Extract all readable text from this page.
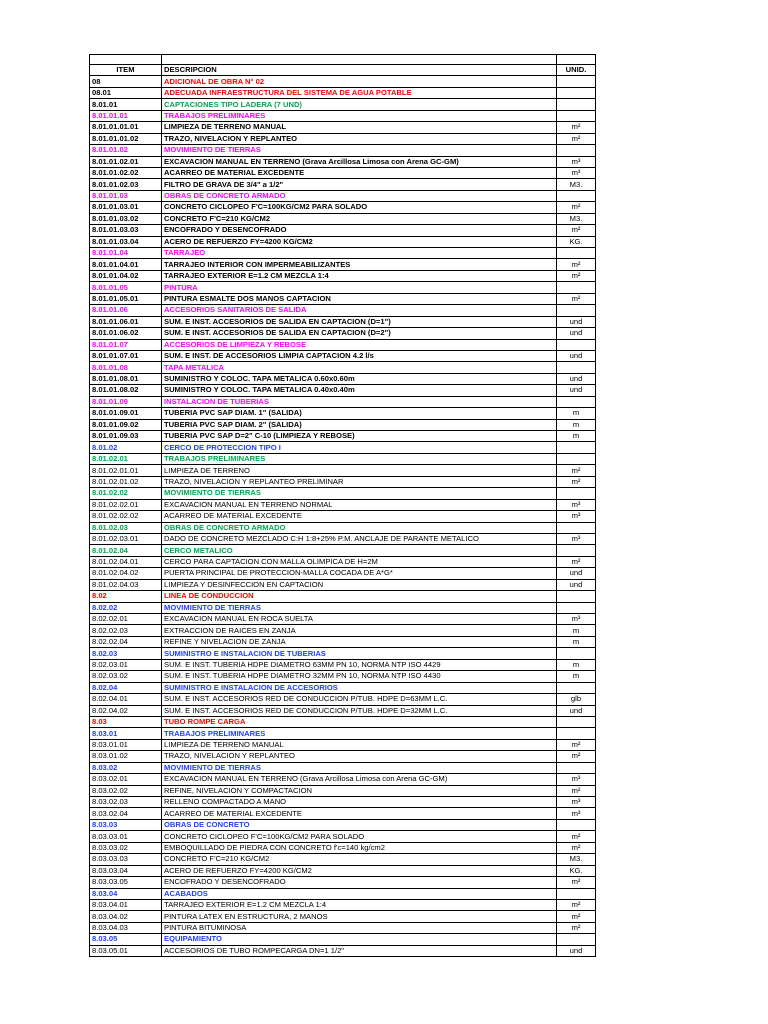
ITEM	DESCRIPCION	UNID.
08	ADICIONAL DE OBRA N° 02	
08.01	ADECUADA INFRAESTRUCTURA DEL SISTEMA DE AGUA POTABLE	
8.01.01	CAPTACIONES TIPO LADERA (7 UND)	
8.01.01.01	TRABAJOS PRELIMINARES	
8.01.01.01.01	LIMPIEZA DE TERRENO MANUAL	m²
8.01.01.01.02	TRAZO, NIVELACION Y REPLANTEO	m²
8.01.01.02	MOVIMIENTO DE TIERRAS	
8.01.01.02.01	EXCAVACION MANUAL EN TERRENO (Grava Arcillosa Limosa con Arena GC-GM)	m³
8.01.01.02.02	ACARREO DE MATERIAL EXCEDENTE	m³
8.01.01.02.03	FILTRO DE GRAVA DE 3/4" a 1/2"	M3.
8.01.01.03	OBRAS DE CONCRETO ARMADO	
8.01.01.03.01	CONCRETO CICLOPEO F'C=100KG/CM2 PARA SOLADO	m²
8.01.01.03.02	CONCRETO F'C=210 KG/CM2	M3.
8.01.01.03.03	ENCOFRADO Y DESENCOFRADO	m²
8.01.01.03.04	ACERO DE REFUERZO FY=4200 KG/CM2	KG.
8.01.01.04	TARRAJEO	
8.01.01.04.01	TARRAJEO INTERIOR CON IMPERMEABILIZANTES	m²
8.01.01.04.02	TARRAJEO EXTERIOR E=1.2 CM MEZCLA 1:4	m²
8.01.01.05	PINTURA	
8.01.01.05.01	PINTURA ESMALTE DOS MANOS CAPTACION	m²
8.01.01.06	ACCESORIOS SANITARIOS DE SALIDA	
8.01.01.06.01	SUM. E INST. ACCESORIOS DE SALIDA EN CAPTACION (D=1")	und
8.01.01.06.02	SUM. E INST. ACCESORIOS DE SALIDA EN CAPTACION (D=2")	und
8.01.01.07	ACCESORIOS DE LIMPIEZA Y REBOSE	
8.01.01.07.01	SUM. E INST. DE ACCESORIOS LIMPIA CAPTACION 4.2 l/s	und
8.01.01.08	TAPA METALICA	
8.01.01.08.01	SUMINISTRO Y COLOC. TAPA METALICA 0.60x0.60m	und
8.01.01.08.02	SUMINISTRO Y COLOC. TAPA METALICA 0.40x0.40m	und
8.01.01.09	INSTALACION DE TUBERIAS	
8.01.01.09.01	TUBERIA PVC SAP DIAM. 1" (SALIDA)	m
8.01.01.09.02	TUBERIA PVC SAP DIAM. 2" (SALIDA)	m
8.01.01.09.03	TUBERIA PVC SAP D=2" C-10 (LIMPIEZA Y REBOSE)	m
8.01.02	CERCO DE PROTECCION TIPO I	
8.01.02.01	TRABAJOS PRELIMINARES	
8.01.02.01.01	LIMPIEZA DE TERRENO	m²
8.01.02.01.02	TRAZO, NIVELACION Y REPLANTEO PRELIMINAR	m²
8.01.02.02	MOVIMIENTO DE TIERRAS	
8.01.02.02.01	EXCAVACION MANUAL EN TERRENO NORMAL	m³
8.01.02.02.02	ACARREO DE MATERIAL EXCEDENTE	m³
8.01.02.03	OBRAS DE CONCRETO ARMADO	
8.01.02.03.01	DADO DE CONCRETO MEZCLADO C:H 1:8+25% P.M. ANCLAJE DE PARANTE METALICO	m³
8.01.02.04	CERCO METALICO	
8.01.02.04.01	CERCO PARA CAPTACION CON MALLA OLIMPICA DE H=2M	m²
8.01.02.04.02	PUERTA PRINCIPAL DE PROTECCION-MALLA COCADA DE A*G*	und
8.01.02.04.03	LIMPIEZA Y DESINFECCION EN CAPTACION	und
8.02	LINEA DE CONDUCCION	
8.02.02	MOVIMIENTO DE TIERRAS	
8.02.02.01	EXCAVACION MANUAL EN ROCA SUELTA	m³
8.02.02.03	EXTRACCION DE RAICES EN ZANJA	m
8.02.02.04	REFINE Y NIVELACION DE ZANJA	m
8.02.03	SUMINISTRO E INSTALACION DE TUBERIAS	
8.02.03.01	SUM. E INST. TUBERIA HDPE DIAMETRO 63MM PN 10, NORMA NTP ISO 4429	m
8.02.03.02	SUM. E INST. TUBERIA HDPE DIAMETRO 32MM PN 10, NORMA NTP ISO 4430	m
8.02.04	SUMINISTRO E INSTALACION DE ACCESORIOS	
8.02.04.01	SUM. E INST. ACCESORIOS RED DE CONDUCCION P/TUB. HDPE D=63MM L.C.	glb
8.02.04.02	SUM. E INST. ACCESORIOS RED DE CONDUCCION P/TUB. HDPE D=32MM L.C.	und
8.03	TUBO ROMPE CARGA	
8.03.01	TRABAJOS PRELIMINARES	
8.03.01.01	LIMPIEZA DE TERRENO MANUAL	m²
8.03.01.02	TRAZO, NIVELACION Y REPLANTEO	m²
8.03.02	MOVIMIENTO DE TIERRAS	
8.03.02.01	EXCAVACION MANUAL EN TERRENO (Grava Arcillosa Limosa con Arena GC-GM)	m³
8.03.02.02	REFINE, NIVELACION Y COMPACTACION	m²
8.03.02.03	RELLENO COMPACTADO A MANO	m³
8.03.02.04	ACARREO DE MATERIAL EXCEDENTE	m³
8.03.03	OBRAS DE CONCRETO	
8.03.03.01	CONCRETO CICLOPEO F'C=100KG/CM2 PARA SOLADO	m²
8.03.03.02	EMBOQUILLADO DE PIEDRA CON CONCRETO f'c=140 kg/cm2	m²
8.03.03.03	CONCRETO F'C=210 KG/CM2	M3.
8.03.03.04	ACERO DE REFUERZO FY=4200 KG/CM2	KG.
8.03.03.05	ENCOFRADO Y DESENCOFRADO	m²
8.03.04	ACABADOS	
8.03.04.01	TARRAJEO EXTERIOR E=1.2 CM MEZCLA 1:4	m²
8.03.04.02	PINTURA LATEX EN ESTRUCTURA, 2 MANOS	m²
8.03.04.03	PINTURA BITUMINOSA	m²
8.03.05	EQUIPAMIENTO	
8.03.05.01	ACCESORIOS DE TUBO ROMPECARGA DN=1 1/2"	und
